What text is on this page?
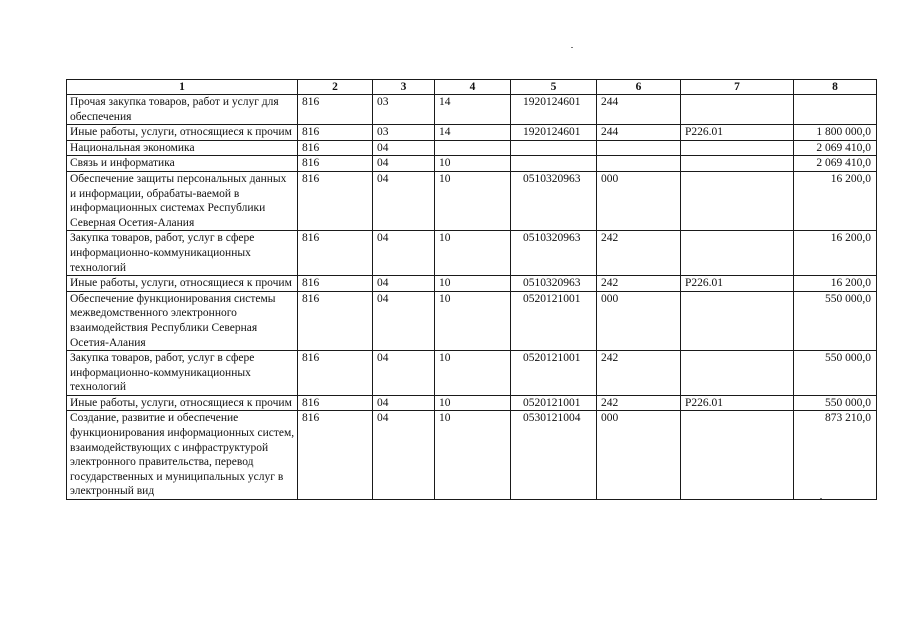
1	2	3	4	5	6	7	8
Прочая закупка товаров, работ и услуг для обеспечения	816	03	14	1920124601	244		
Иные работы, услуги, относящиеся к прочим	816	03	14	1920124601	244	P226.01	1 800 000,0
Национальная экономика	816	04					2 069 410,0
Связь и информатика	816	04	10				2 069 410,0
Обеспечение защиты персональных данных и информации, обрабаты-ваемой в информационных системах Республики Северная Осетия-Алания	816	04	10	0510320963	000		16 200,0
Закупка товаров, работ, услуг в сфере информационно-коммуникационных технологий	816	04	10	0510320963	242		16 200,0
Иные работы, услуги, относящиеся к прочим	816	04	10	0510320963	242	P226.01	16 200,0
Обеспечение функционирования системы межведомственного электронного взаимодействия Республики Северная Осетия-Алания	816	04	10	0520121001	000		550 000,0
Закупка товаров, работ, услуг в сфере информационно-коммуникационных технологий	816	04	10	0520121001	242		550 000,0
Иные работы, услуги, относящиеся к прочим	816	04	10	0520121001	242	P226.01	550 000,0
Создание, развитие и обеспечение функционирования информационных систем, взаимодействующих с инфраструктурой электронного правительства, перевод государственных и муниципальных услуг в электронный вид	816	04	10	0530121004	000		873 210,0
